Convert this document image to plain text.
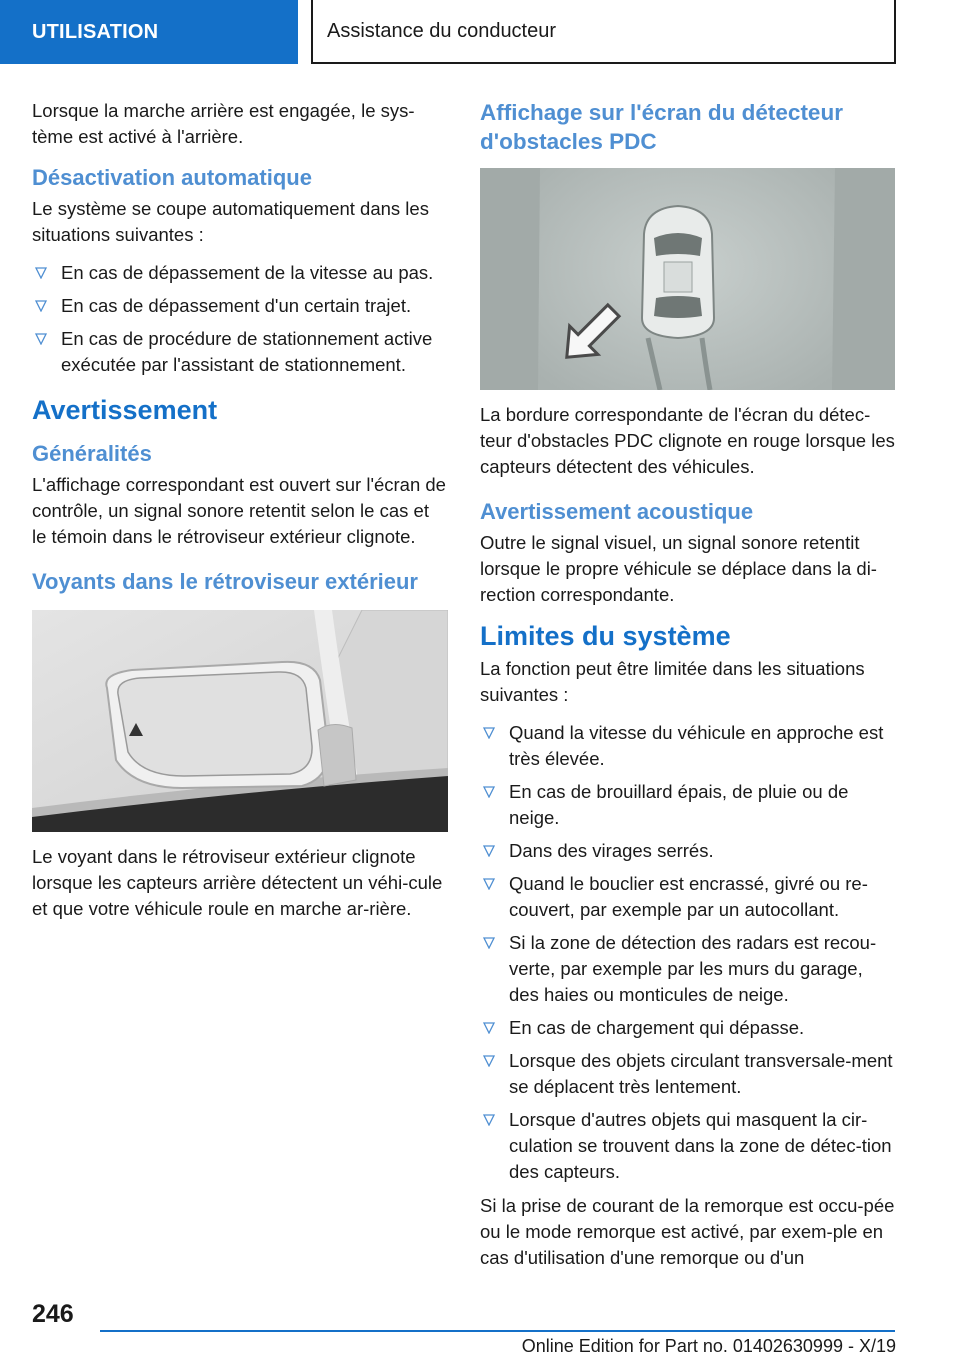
UTILISATION	Assistance du conducteur

Lorsque la marche arrière est engagée, le sys-tème est activé à l'arrière.

Désactivation automatique

Le système se coupe automatiquement dans les situations suivantes :

En cas de dépassement de la vitesse au pas.
En cas de dépassement d'un certain trajet.
En cas de procédure de stationnement active exécutée par l'assistant de stationnement.
Avertissement
Généralités

L'affichage correspondant est ouvert sur l'écran de contrôle, un signal sonore retentit selon le cas et le témoin dans le rétroviseur extérieur clignote.

Voyants dans le rétroviseur extérieur

Le voyant dans le rétroviseur extérieur clignote lorsque les capteurs arrière détectent un véhi-cule et que votre véhicule roule en marche ar-rière.

Affichage sur l'écran du détecteur d'obstacles PDC

La bordure correspondante de l'écran du détec-teur d'obstacles PDC clignote en rouge lorsque les capteurs détectent des véhicules.

Avertissement acoustique

Outre le signal visuel, un signal sonore retentit lorsque le propre véhicule se déplace dans la di-rection correspondante.

Limites du système

La fonction peut être limitée dans les situations suivantes :

Quand la vitesse du véhicule en approche est très élevée.
En cas de brouillard épais, de pluie ou de neige.
Dans des virages serrés.
Quand le bouclier est encrassé, givré ou re-couvert, par exemple par un autocollant.
Si la zone de détection des radars est recou-verte, par exemple par les murs du garage, des haies ou monticules de neige.
En cas de chargement qui dépasse.
Lorsque des objets circulant transversale-ment se déplacent très lentement.
Lorsque d'autres objets qui masquent la cir-culation se trouvent dans la zone de détec-tion des capteurs.

Si la prise de courant de la remorque est occu-pée ou le mode remorque est activé, par exem-ple en cas d'utilisation d'une remorque ou d'un

246
Online Edition for Part no. 01402630999 - X/19
